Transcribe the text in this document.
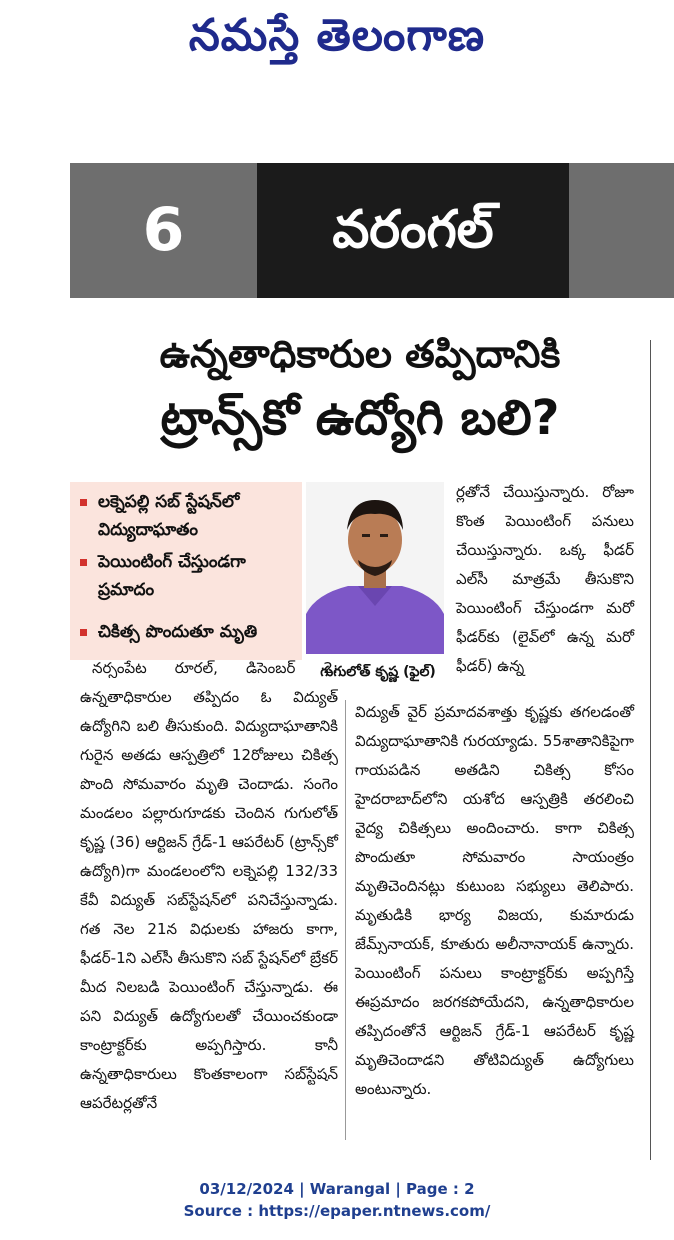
నమస్తే తెలంగాణ
6	వరంగల్
ఉన్నతాధికారుల తప్పిదానికి
ట్రాన్స్‌కో ఉద్యోగి బలి?
లక్నెపల్లి సబ్ స్టేషన్‌లో విద్యుదాఘాతం
పెయింటింగ్ చేస్తుండగా ప్రమాదం
చికిత్స పొందుతూ మృతి
గుగులోత్ కృష్ణ (ఫైల్)

నర్సంపేట రూరల్, డిసెంబర్ 2: ఉన్నతాధికారుల తప్పిదం ఓ విద్యుత్ ఉద్యోగిని బలి తీసుకుంది. విద్యుదాఘాతానికి గురైన అతడు ఆస్పత్రిలో 12రోజులు చికిత్స పొంది సోమవారం మృతి చెందాడు. సంగెం మండలం పల్లారుగూడకు చెందిన గుగులోత్ కృష్ణ (36) ఆర్టిజన్ గ్రేడ్‌-1 ఆపరేటర్ (ట్రాన్స్‌కో ఉద్యోగి)గా మండలంలోని లక్నెపల్లి 132/33 కేవీ విద్యుత్ సబ్‌స్టేషన్‌లో పనిచేస్తున్నాడు. గత నెల 21న విధులకు హాజరు కాగా, ఫీడర్‌-1ని ఎల్‌సీ తీసుకొని సబ్ స్టేషన్‌లో బ్రేకర్ మీద నిలబడి పెయింటింగ్ చేస్తున్నాడు. ఈ పని విద్యుత్ ఉద్యోగులతో చేయించకుండా కాంట్రాక్టర్‌కు అప్పగిస్తారు. కానీ ఉన్నతాధికారులు కొంతకాలంగా సబ్‌స్టేషన్ ఆపరేటర్లతోనే

ర్లతోనే చేయిస్తున్నారు. రోజూ కొంత పెయింటింగ్ పనులు చేయిస్తున్నారు. ఒక్క ఫీడర్ ఎల్‌సీ మాత్రమే తీసుకొని పెయింటింగ్ చేస్తుండగా మరో ఫీడర్‌కు (లైవ్‌లో ఉన్న మరో ఫీడర్) ఉన్న

విద్యుత్ వైర్ ప్రమాదవశాత్తు కృష్ణకు తగలడంతో విద్యుదాఘాతానికి గురయ్యాడు. 55శాతానికిపైగా గాయపడిన అతడిని చికిత్స కోసం హైదరాబాద్‌లోని యశోద ఆస్పత్రికి తరలించి వైద్య చికిత్సలు అందించారు. కాగా చికిత్స పొందుతూ సోమవారం సాయంత్రం మృతిచెందినట్లు కుటుంబ సభ్యులు తెలిపారు. మృతుడికి భార్య విజయ, కుమారుడు జేమ్స్‌నాయక్, కూతురు అలీనానాయక్ ఉన్నారు. పెయింటింగ్ పనులు కాంట్రాక్టర్‌కు అప్పగిస్తే ఈప్రమాదం జరగకపోయేదని, ఉన్నతాధికారుల తప్పిదంతోనే ఆర్టిజన్ గ్రేడ్‌-1 ఆపరేటర్ కృష్ణ మృతిచెందాడని తోటివిద్యుత్ ఉద్యోగులు అంటున్నారు.

03/12/2024 | Warangal | Page : 2
Source : https://epaper.ntnews.com/
